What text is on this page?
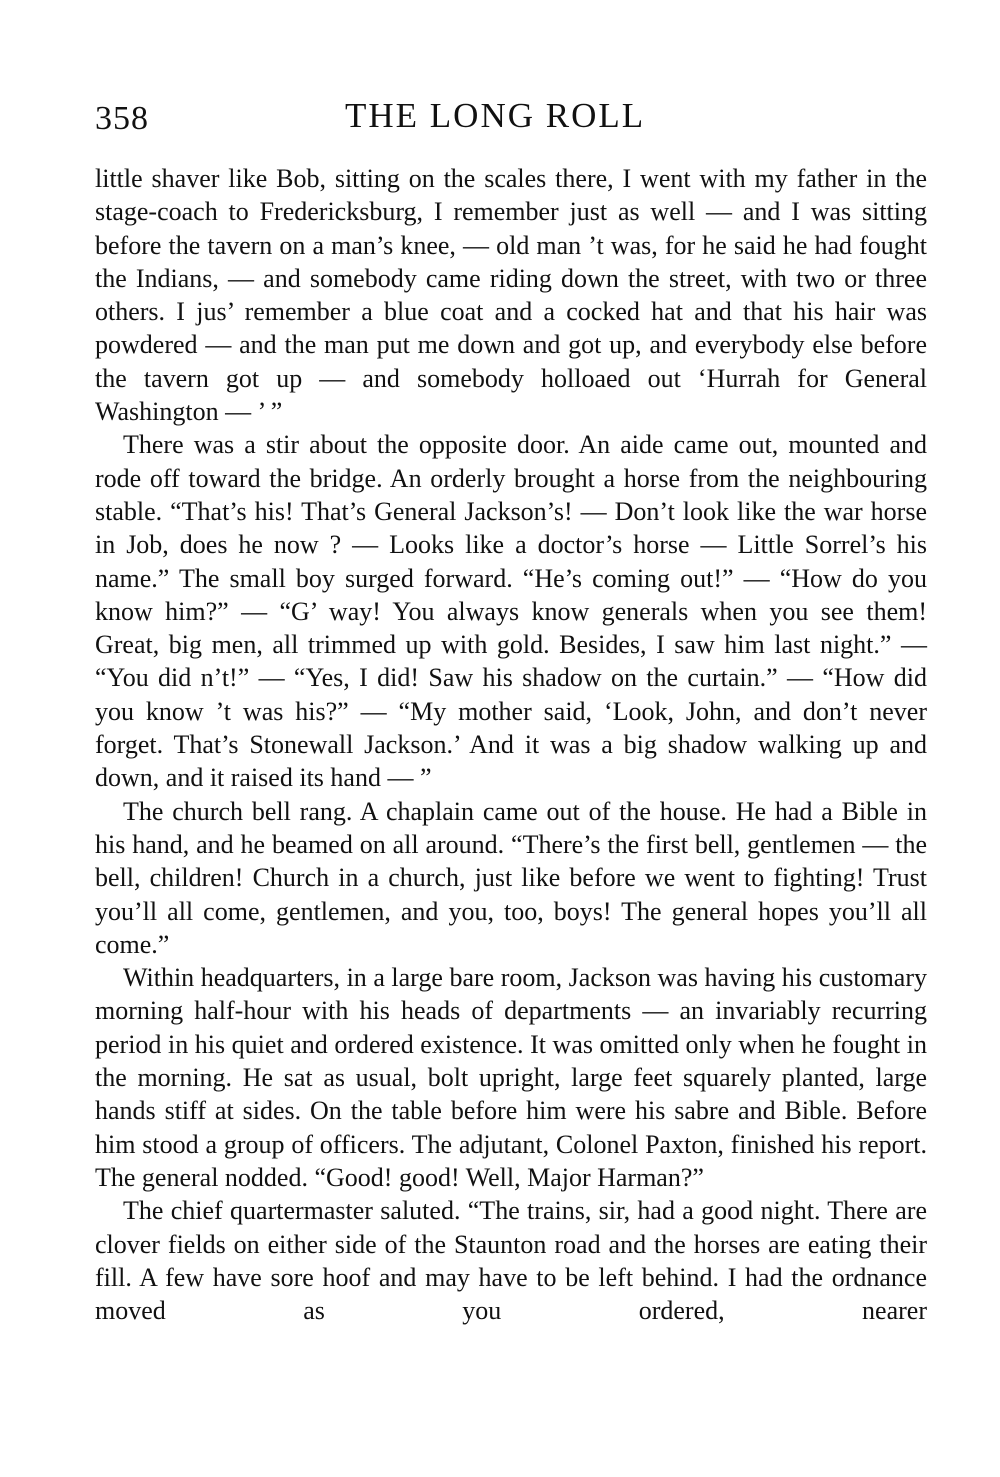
358	THE LONG ROLL

little shaver like Bob, sitting on the scales there, I went with my father in the stage-coach to Fredericksburg, I remember just as well — and I was sitting before the tavern on a man’s knee, — old man ’t was, for he said he had fought the Indians, — and somebody came riding down the street, with two or three others. I jus’ remember a blue coat and a cocked hat and that his hair was powdered — and the man put me down and got up, and everybody else before the tavern got up — and somebody holloaed out ‘Hurrah for General Washington — ’ ”

There was a stir about the opposite door. An aide came out, mounted and rode off toward the bridge. An orderly brought a horse from the neighbouring stable. “That’s his! That’s General Jackson’s! — Don’t look like the war horse in Job, does he now ? — Looks like a doctor’s horse — Little Sorrel’s his name.” The small boy surged forward. “He’s coming out!” — “How do you know him?” — “G’ way! You always know generals when you see them! Great, big men, all trimmed up with gold. Besides, I saw him last night.” — “You did n’t!” — “Yes, I did! Saw his shadow on the curtain.” — “How did you know ’t was his?” — “My mother said, ‘Look, John, and don’t never forget. That’s Stonewall Jackson.’ And it was a big shadow walking up and down, and it raised its hand — ”

The church bell rang. A chaplain came out of the house. He had a Bible in his hand, and he beamed on all around. “There’s the first bell, gentlemen — the bell, children! Church in a church, just like before we went to fighting! Trust you’ll all come, gentlemen, and you, too, boys! The general hopes you’ll all come.”

Within headquarters, in a large bare room, Jackson was having his customary morning half-hour with his heads of departments — an invariably recurring period in his quiet and ordered existence. It was omitted only when he fought in the morning. He sat as usual, bolt upright, large feet squarely planted, large hands stiff at sides. On the table before him were his sabre and Bible. Before him stood a group of officers. The adjutant, Colonel Paxton, finished his report. The general nodded. “Good! good! Well, Major Harman?”

The chief quartermaster saluted. “The trains, sir, had a good night. There are clover fields on either side of the Staunton road and the horses are eating their fill. A few have sore hoof and may have to be left behind. I had the ordnance moved as you ordered, nearer
